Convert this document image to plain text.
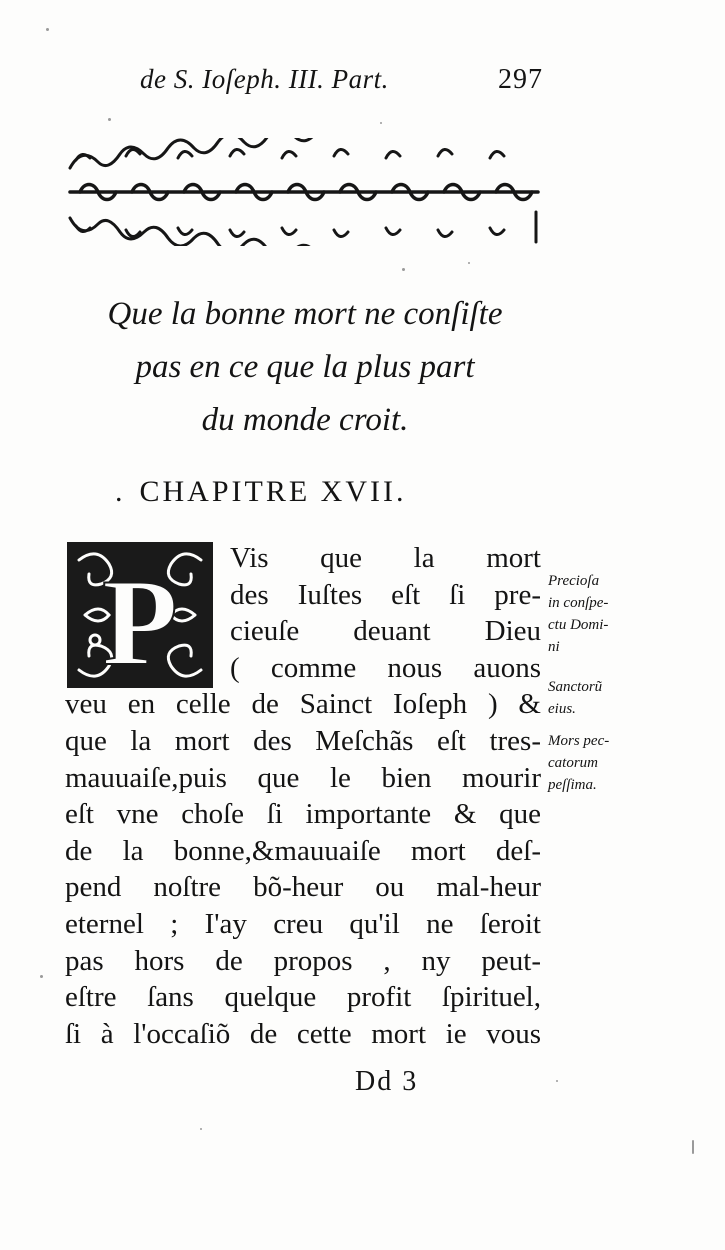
de S. Ioſeph. III. Part.	297
Que la bonne mort ne conſiſte
pas en ce que la plus part
du monde croit.
. CHAPITRE XVII.
P Vis que la mort
des Iuſtes eſt ſi pre-
cieuſe deuant Dieu
( comme nous auons
veu en celle de Sainct Ioſeph ) &
que la mort des Meſchãs eſt tres-
mauuaiſe,puis que le bien mourir
eſt vne choſe ſi importante & que
de la bonne,&mauuaiſe mort deſ-
pend noſtre bõ-heur ou mal-heur
eternel ; I'ay creu qu'il ne ſeroit
pas hors de propos , ny peut-
eſtre ſans quelque profit ſpirituel,
ſi à l'occaſiõ de cette mort ie vous
Precioſa
in conſpe-
ctu Domi-
ni
Sanctorũ
eius.
Mors pec-
catorum
peſſima.
Dd 3
